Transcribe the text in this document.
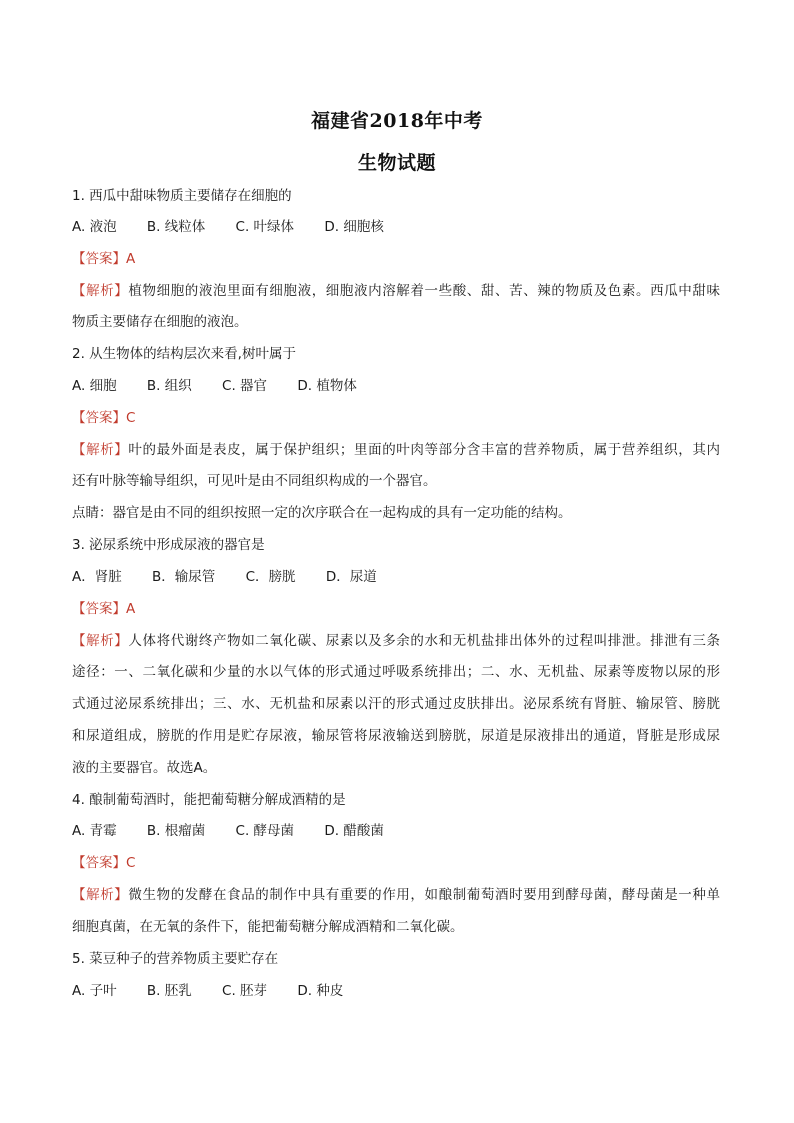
福建省2018年中考
生物试题
1. 西瓜中甜味物质主要储存在细胞的
A. 液泡 B. 线粒体 C. 叶绿体 D. 细胞核
【答案】A
【解析】植物细胞的液泡里面有细胞液，细胞液内溶解着一些酸、甜、苦、辣的物质及色素。西瓜中甜味
物质主要储存在细胞的液泡。
2. 从生物体的结构层次来看,树叶属于
A. 细胞 B. 组织 C. 器官 D. 植物体
【答案】C
【解析】叶的最外面是表皮，属于保护组织；里面的叶肉等部分含丰富的营养物质，属于营养组织，其内
还有叶脉等输导组织，可见叶是由不同组织构成的一个器官。
点睛：器官是由不同的组织按照一定的次序联合在一起构成的具有一定功能的结构。
3. 泌尿系统中形成尿液的器官是
A．肾脏 B．输尿管 C．膀胱 D．尿道
【答案】A
【解析】人体将代谢终产物如二氧化碳、尿素以及多余的水和无机盐排出体外的过程叫排泄。排泄有三条
途径：一、二氧化碳和少量的水以气体的形式通过呼吸系统排出；二、水、无机盐、尿素等废物以尿的形
式通过泌尿系统排出；三、水、无机盐和尿素以汗的形式通过皮肤排出。泌尿系统有肾脏、输尿管、膀胱
和尿道组成，膀胱的作用是贮存尿液，输尿管将尿液输送到膀胱，尿道是尿液排出的通道，肾脏是形成尿
液的主要器官。故选A。
4. 酿制葡萄酒时，能把葡萄糖分解成酒精的是
A. 青霉 B. 根瘤菌 C. 酵母菌 D. 醋酸菌
【答案】C
【解析】微生物的发酵在食品的制作中具有重要的作用，如酿制葡萄酒时要用到酵母菌，酵母菌是一种单
细胞真菌，在无氧的条件下，能把葡萄糖分解成酒精和二氧化碳。
5. 菜豆种子的营养物质主要贮存在
A. 子叶 B. 胚乳 C. 胚芽 D. 种皮
